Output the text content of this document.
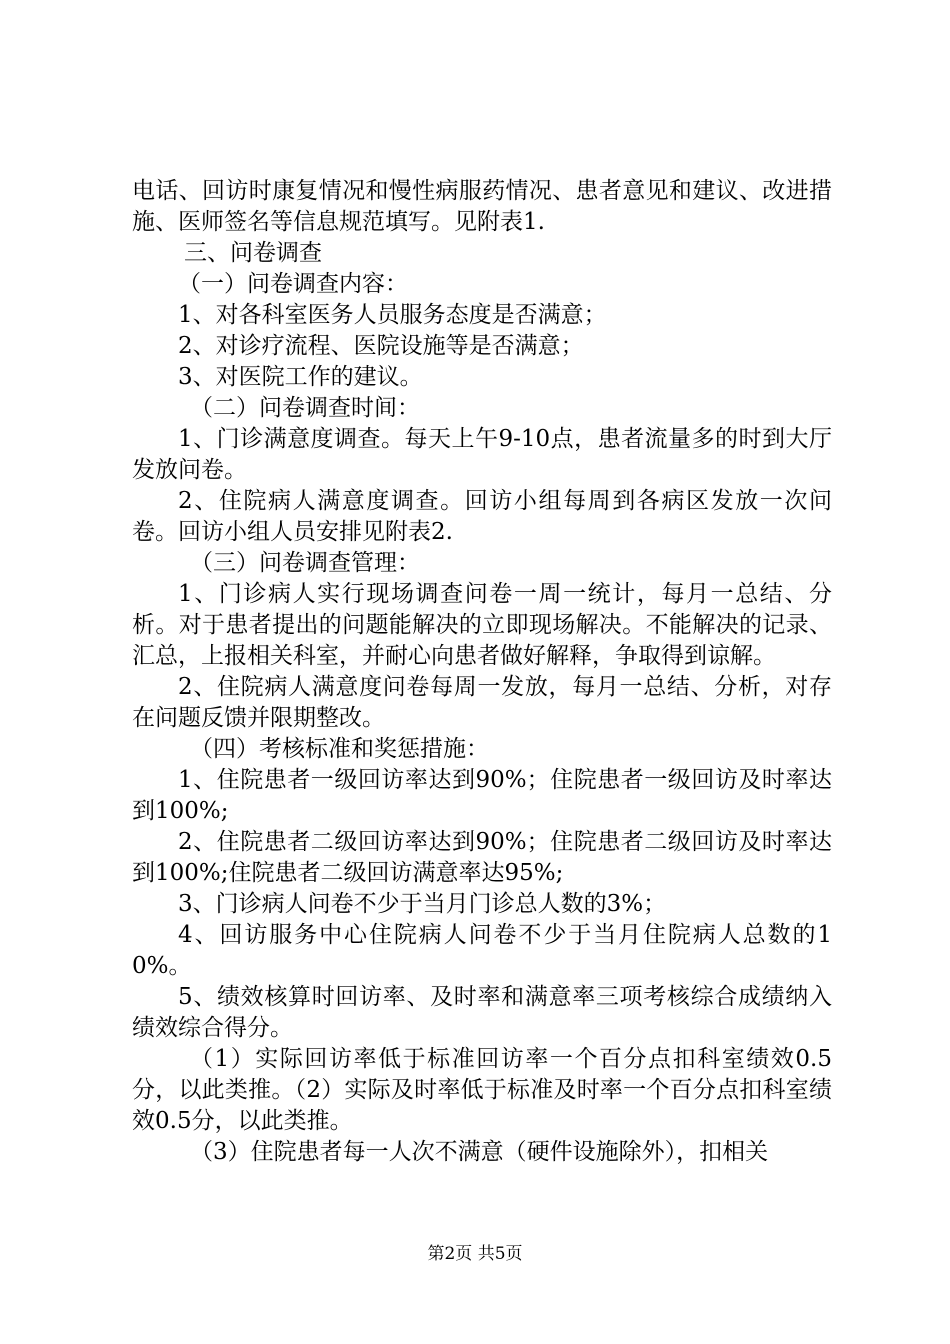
电话、回访时康复情况和慢性病服药情况、患者意见和建议、改进措施、医师签名等信息规范填写。见附表1.

三、问卷调查

（一）问卷调查内容：

1、对各科室医务人员服务态度是否满意；

2、对诊疗流程、医院设施等是否满意；

3、对医院工作的建议。

（二）问卷调查时间：

1、门诊满意度调查。每天上午9-10点，患者流量多的时到大厅发放问卷。

2、住院病人满意度调查。回访小组每周到各病区发放一次问卷。回访小组人员安排见附表2.

（三）问卷调查管理：

1、门诊病人实行现场调查问卷一周一统计，每月一总结、分析。对于患者提出的问题能解决的立即现场解决。不能解决的记录、汇总，上报相关科室，并耐心向患者做好解释，争取得到谅解。

2、住院病人满意度问卷每周一发放，每月一总结、分析，对存在问题反馈并限期整改。

（四）考核标准和奖惩措施：

1、住院患者一级回访率达到90%；住院患者一级回访及时率达到100%;

2、住院患者二级回访率达到90%；住院患者二级回访及时率达到100%;住院患者二级回访满意率达95%;

3、门诊病人问卷不少于当月门诊总人数的3%；

4、回访服务中心住院病人问卷不少于当月住院病人总数的10%。

5、绩效核算时回访率、及时率和满意率三项考核综合成绩纳入绩效综合得分。

（1）实际回访率低于标准回访率一个百分点扣科室绩效0.5分，以此类推。（2）实际及时率低于标准及时率一个百分点扣科室绩效0.5分，以此类推。

（3）住院患者每一人次不满意（硬件设施除外），扣相关

第2页 共5页
